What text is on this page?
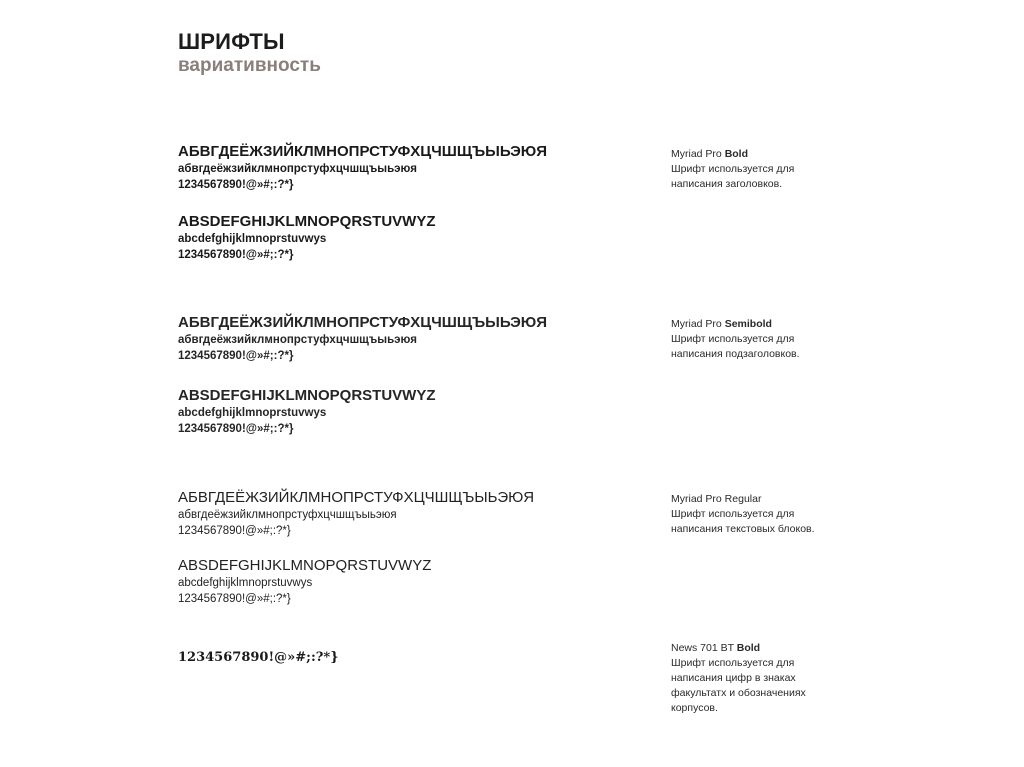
ШРИФТЫ
вариативность
АБВГДЕЁЖЗИЙКЛМНОПРСТУФХЦЧШЩЪЫЬЭЮЯ
абвгдеёжзийклмнопрстуфхцчшщъыьэюя
1234567890!@»#;:?*}
ABSDEFGHIJKLMNOPQRSTUVWYZ
abcdefghijklmnoprstuvwys
1234567890!@»#;:?*}
Myriad Pro Bold
Шрифт используется для
написания заголовков.
АБВГДЕЁЖЗИЙКЛМНОПРСТУФХЦЧШЩЪЫЬЭЮЯ
абвгдеёжзийклмнопрстуфхцчшщъыьэюя
1234567890!@»#;:?*}
ABSDEFGHIJKLMNOPQRSTUVWYZ
abcdefghijklmnoprstuvwys
1234567890!@»#;:?*}
Myriad Pro Semibold
Шрифт используется для
написания подзаголовков.
АБВГДЕЁЖЗИЙКЛМНОПРСТУФХЦЧШЩЪЫЬЭЮЯ
абвгдеёжзийклмнопрстуфхцчшщъыьэюя
1234567890!@»#;:?*}
ABSDEFGHIJKLMNOPQRSTUVWYZ
abcdefghijklmnoprstuvwys
1234567890!@»#;:?*}
Myriad Pro Regular
Шрифт используется для
написания текстовых блоков.
1234567890!@»#;:?*}
News 701 BT Bold
Шрифт используется для
написания цифр в знаках
факультатх и обозначениях
корпусов.
